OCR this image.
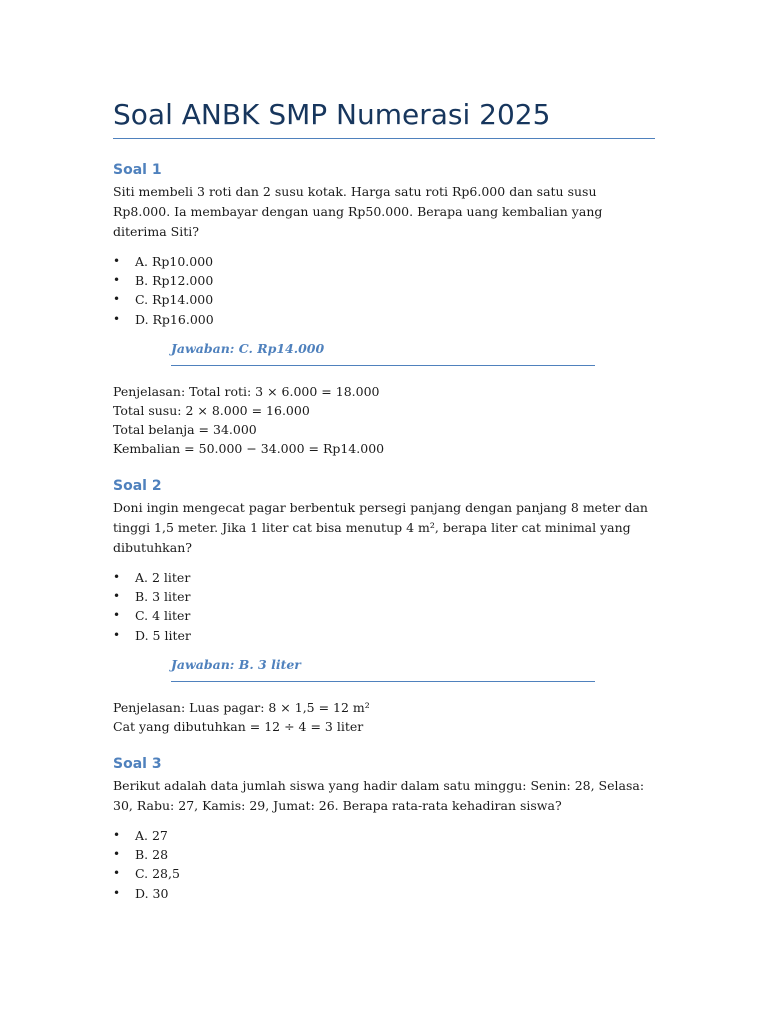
Soal ANBK SMP Numerasi 2025
Soal 1

Siti membeli 3 roti dan 2 susu kotak. Harga satu roti Rp6.000 dan satu susu Rp8.000. Ia membayar dengan uang Rp50.000. Berapa uang kembalian yang diterima Siti?

• A. Rp10.000
• B. Rp12.000
• C. Rp14.000
• D. Rp16.000
Jawaban: C. Rp14.000
Penjelasan: Total roti: 3 × 6.000 = 18.000
Total susu: 2 × 8.000 = 16.000
Total belanja = 34.000
Kembalian = 50.000 − 34.000 = Rp14.000
Soal 2

Doni ingin mengecat pagar berbentuk persegi panjang dengan panjang 8 meter dan tinggi 1,5 meter. Jika 1 liter cat bisa menutup 4 m², berapa liter cat minimal yang dibutuhkan?

• A. 2 liter
• B. 3 liter
• C. 4 liter
• D. 5 liter
Jawaban: B. 3 liter
Penjelasan: Luas pagar: 8 × 1,5 = 12 m²
Cat yang dibutuhkan = 12 ÷ 4 = 3 liter
Soal 3

Berikut adalah data jumlah siswa yang hadir dalam satu minggu: Senin: 28, Selasa: 30, Rabu: 27, Kamis: 29, Jumat: 26. Berapa rata-rata kehadiran siswa?

• A. 27
• B. 28
• C. 28,5
• D. 30
